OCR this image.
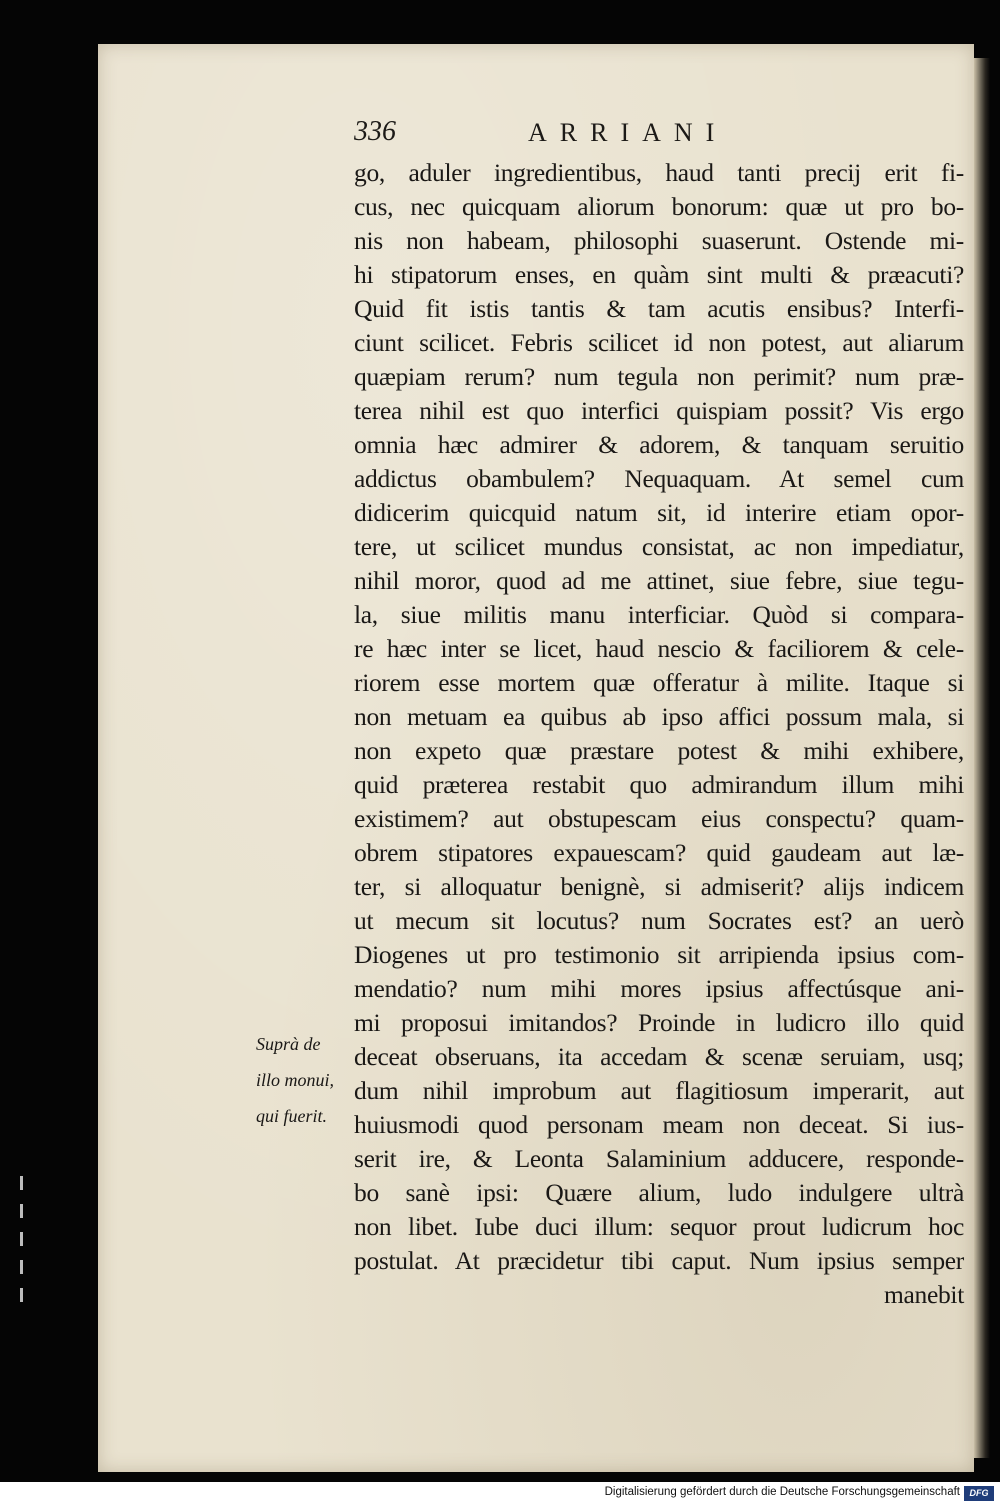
336	ARRIANI
go, aduler ingredientibus, haud tanti precij erit fi-
cus, nec quicquam aliorum bonorum: quæ ut pro bo-
nis non habeam, philosophi suaserunt. Ostende mi-
hi stipatorum enses, en quàm sint multi & præacuti?
Quid fit istis tantis & tam acutis ensibus? Interfi-
ciunt scilicet. Febris scilicet id non potest, aut aliarum
quæpiam rerum? num tegula non perimit? num præ-
terea nihil est quo interfici quispiam possit? Vis ergo
omnia hæc admirer & adorem, & tanquam seruitio
addictus obambulem? Nequaquam. At semel cum
didicerim quicquid natum sit, id interire etiam opor-
tere, ut scilicet mundus consistat, ac non impediatur,
nihil moror, quod ad me attinet, siue febre, siue tegu-
la, siue militis manu interficiar. Quòd si compara-
re hæc inter se licet, haud nescio & faciliorem & cele-
riorem esse mortem quæ offeratur à milite. Itaque si
non metuam ea quibus ab ipso affici possum mala, si
non expeto quæ præstare potest & mihi exhibere,
quid præterea restabit quo admirandum illum mihi
existimem? aut obstupescam eius conspectu? quam-
obrem stipatores expauescam? quid gaudeam aut læ-
ter, si alloquatur benignè, si admiserit? alijs indicem
ut mecum sit locutus? num Socrates est? an uerò
Diogenes ut pro testimonio sit arripienda ipsius com-
mendatio? num mihi mores ipsius affectúsque ani-
mi proposui imitandos? Proinde in ludicro illo quid
deceat obseruans, ita accedam & scenæ seruiam, usq;
dum nihil improbum aut flagitiosum imperarit, aut
huiusmodi quod personam meam non deceat. Si ius-
serit ire, & Leonta Salaminium adducere, responde-
bo sanè ipsi: Quære alium, ludo indulgere ultrà
non libet. Iube duci illum: sequor prout ludicrum hoc
postulat. At præcidetur tibi caput. Num ipsius semper
manebit
Suprà de
illo monui,
qui fuerit.
Digitalisierung gefördert durch die Deutsche Forschungsgemeinschaft	DFG
